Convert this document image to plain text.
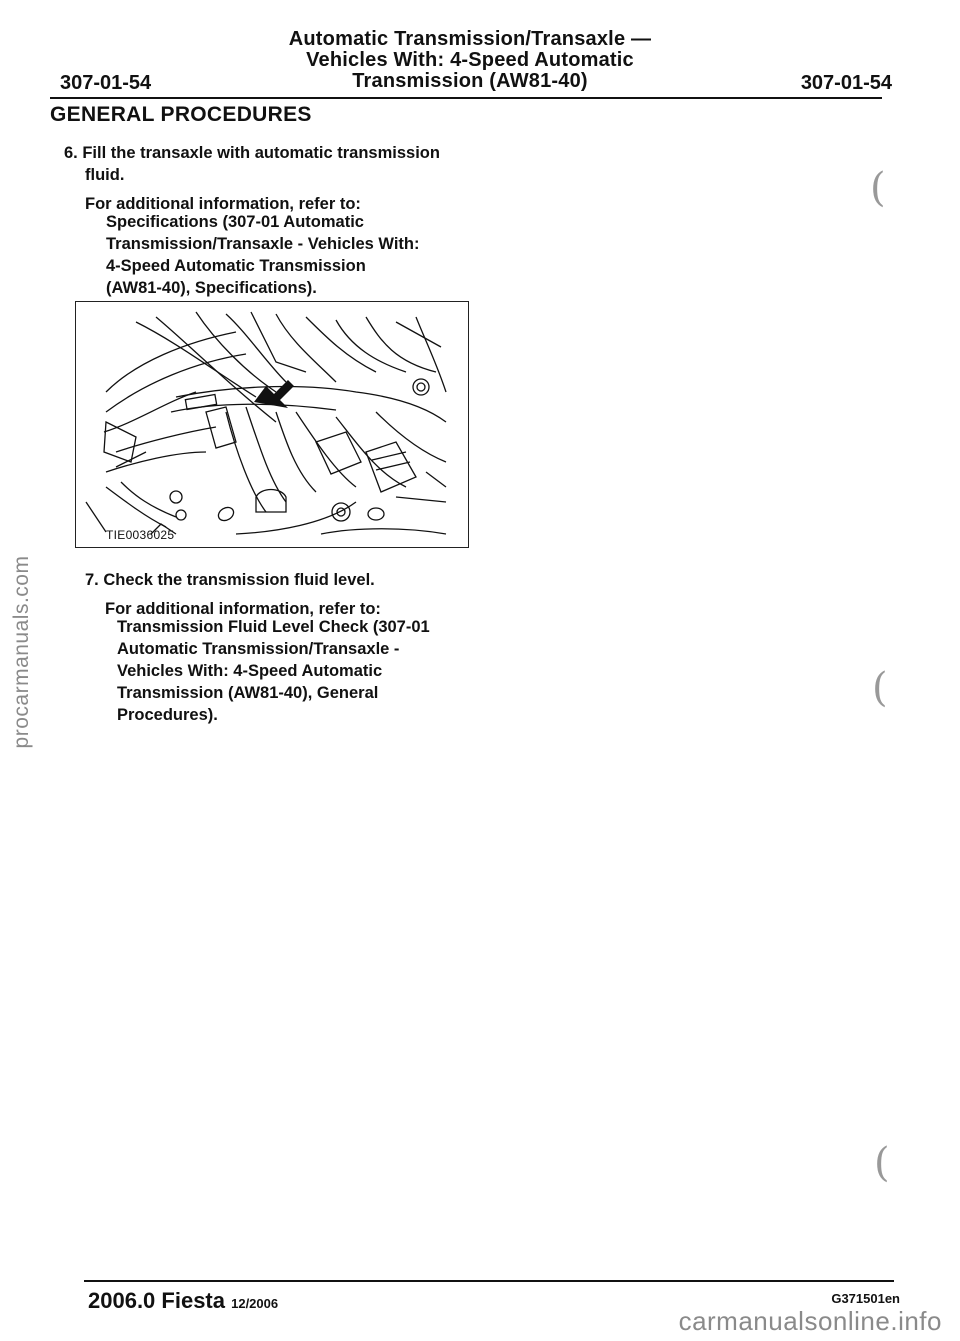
Automatic Transmission/Transaxle —
Vehicles With: 4-Speed Automatic
Transmission (AW81-40)
307-01-54	307-01-54
GENERAL PROCEDURES
6. Fill the transaxle with automatic transmission
fluid.
For additional information, refer to:
Specifications (307-01 Automatic
Transmission/Transaxle - Vehicles With:
4-Speed Automatic Transmission
(AW81-40), Specifications).
TIE0036025
7. Check the transmission fluid level.
For additional information, refer to:
Transmission Fluid Level Check (307-01
Automatic Transmission/Transaxle -
Vehicles With: 4-Speed Automatic
Transmission (AW81-40), General
Procedures).
(
(
(
2006.0 Fiesta 12/2006	G371501en
procarmanuals.com
carmanualsonline.info
